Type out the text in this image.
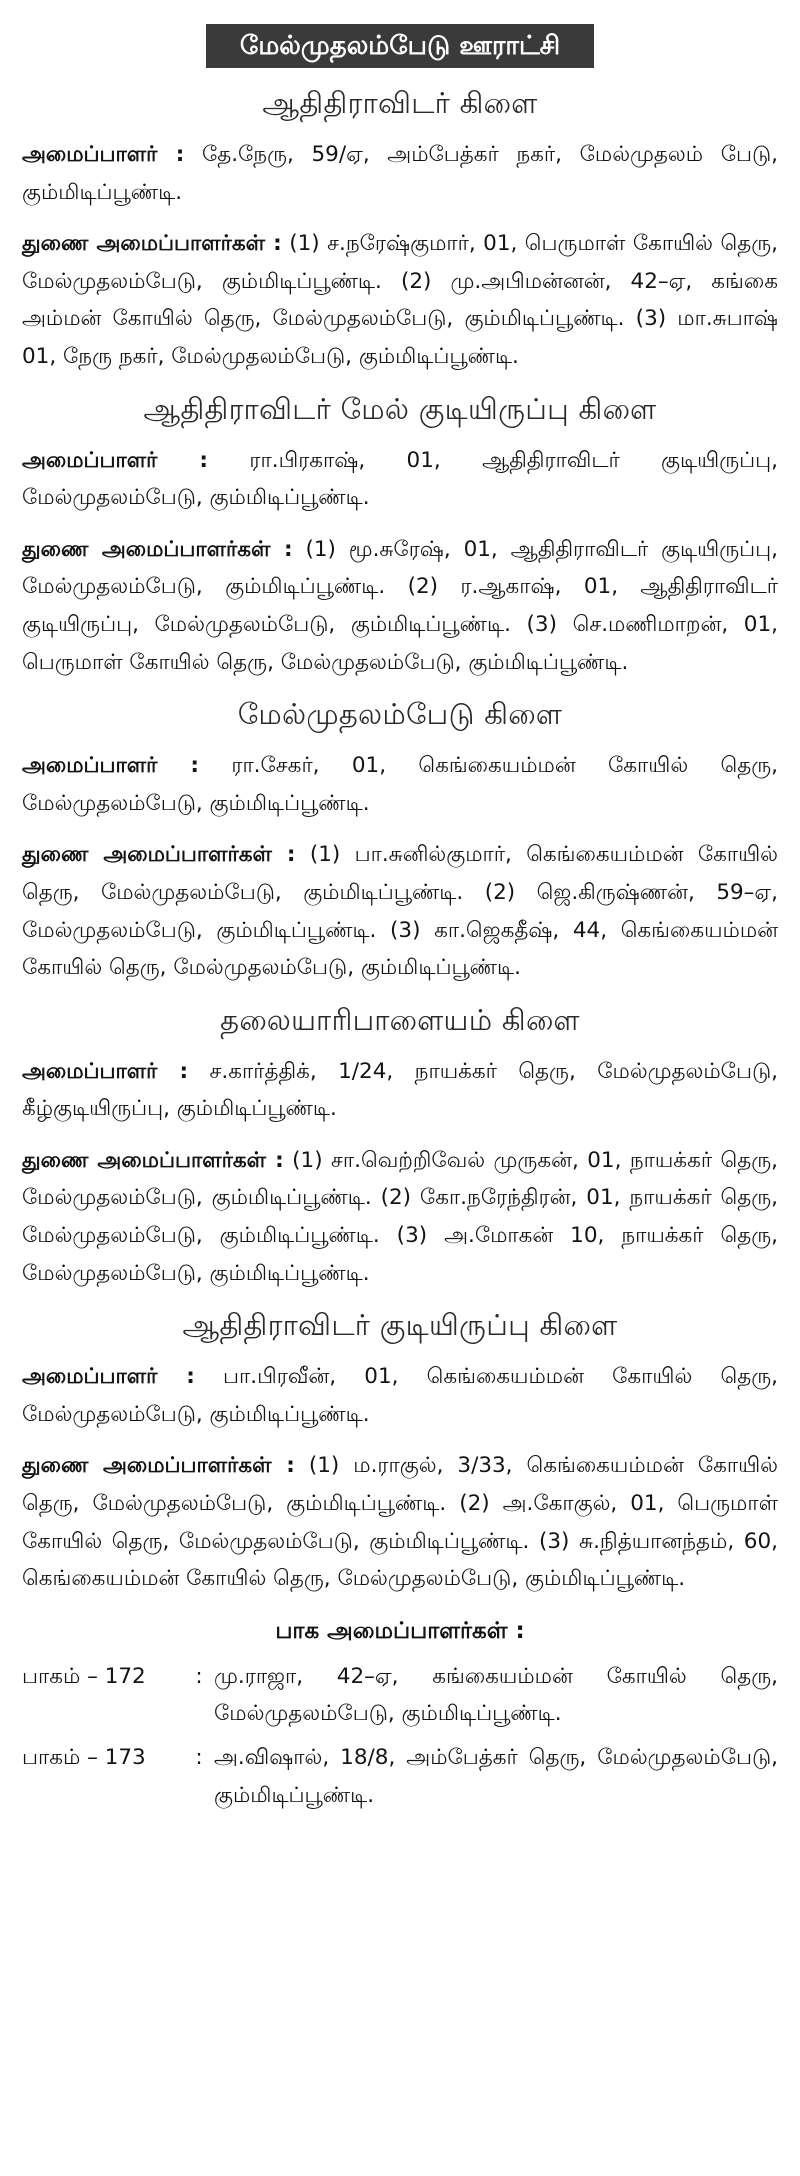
மேல்முதலம்பேடு ஊராட்சி
ஆதிதிராவிடர் கிளை

அமைப்பாளர் : தே.நேரு, 59/ஏ, அம்பேத்கர் நகர், மேல்முதலம் பேடு, கும்மிடிப்பூண்டி.

துணை அமைப்பாளர்கள் : (1) ச.நரேஷ்குமார், 01, பெருமாள் கோயில் தெரு, மேல்முதலம்பேடு, கும்மிடிப்பூண்டி. (2) மு.அபிமன்னன், 42–ஏ, கங்கை அம்மன் கோயில் தெரு, மேல்முதலம்பேடு, கும்மிடிப்பூண்டி. (3) மா.சுபாஷ் 01, நேரு நகர், மேல்முதலம்பேடு, கும்மிடிப்பூண்டி.

ஆதிதிராவிடர் மேல் குடியிருப்பு கிளை

அமைப்பாளர் : ரா.பிரகாஷ், 01, ஆதிதிராவிடர் குடியிருப்பு, மேல்முதலம்பேடு, கும்மிடிப்பூண்டி.

துணை அமைப்பாளர்கள் : (1) மூ.சுரேஷ், 01, ஆதிதிராவிடர் குடியிருப்பு, மேல்முதலம்பேடு, கும்மிடிப்பூண்டி. (2) ர.ஆகாஷ், 01, ஆதிதிராவிடர் குடியிருப்பு, மேல்முதலம்பேடு, கும்மிடிப்பூண்டி. (3) செ.மணிமாறன், 01, பெருமாள் கோயில் தெரு, மேல்முதலம்பேடு, கும்மிடிப்பூண்டி.

மேல்முதலம்பேடு கிளை

அமைப்பாளர் : ரா.சேகர், 01, கெங்கையம்மன் கோயில் தெரு, மேல்முதலம்பேடு, கும்மிடிப்பூண்டி.

துணை அமைப்பாளர்கள் : (1) பா.சுனில்குமார், கெங்கையம்மன் கோயில் தெரு, மேல்முதலம்பேடு, கும்மிடிப்பூண்டி. (2) ஜெ.கிருஷ்ணன், 59–ஏ, மேல்முதலம்பேடு, கும்மிடிப்பூண்டி. (3) கா.ஜெகதீஷ், 44, கெங்கையம்மன் கோயில் தெரு, மேல்முதலம்பேடு, கும்மிடிப்பூண்டி.

தலையாரிபாளையம் கிளை

அமைப்பாளர் : ச.கார்த்திக், 1/24, நாயக்கர் தெரு, மேல்முதலம்பேடு, கீழ்குடியிருப்பு, கும்மிடிப்பூண்டி.

துணை அமைப்பாளர்கள் : (1) சா.வெற்றிவேல் முருகன், 01, நாயக்கர் தெரு, மேல்முதலம்பேடு, கும்மிடிப்பூண்டி. (2) கோ.நரேந்திரன், 01, நாயக்கர் தெரு, மேல்முதலம்பேடு, கும்மிடிப்பூண்டி. (3) அ.மோகன் 10, நாயக்கர் தெரு, மேல்முதலம்பேடு, கும்மிடிப்பூண்டி.

ஆதிதிராவிடர் குடியிருப்பு கிளை

அமைப்பாளர் : பா.பிரவீன், 01, கெங்கையம்மன் கோயில் தெரு, மேல்முதலம்பேடு, கும்மிடிப்பூண்டி.

துணை அமைப்பாளர்கள் : (1) ம.ராகுல், 3/33, கெங்கையம்மன் கோயில் தெரு, மேல்முதலம்பேடு, கும்மிடிப்பூண்டி. (2) அ.கோகுல், 01, பெருமாள் கோயில் தெரு, மேல்முதலம்பேடு, கும்மிடிப்பூண்டி. (3) சு.நித்யானந்தம், 60, கெங்கையம்மன் கோயில் தெரு, மேல்முதலம்பேடு, கும்மிடிப்பூண்டி.

பாக அமைப்பாளர்கள் :
பாகம் – 172	: மு.ராஜா, 42–ஏ, கங்கையம்மன் கோயில் தெரு, மேல்முதலம்பேடு, கும்மிடிப்பூண்டி.
பாகம் – 173	: அ.விஷால், 18/8, அம்பேத்கர் தெரு, மேல்முதலம்பேடு, கும்மிடிப்பூண்டி.
